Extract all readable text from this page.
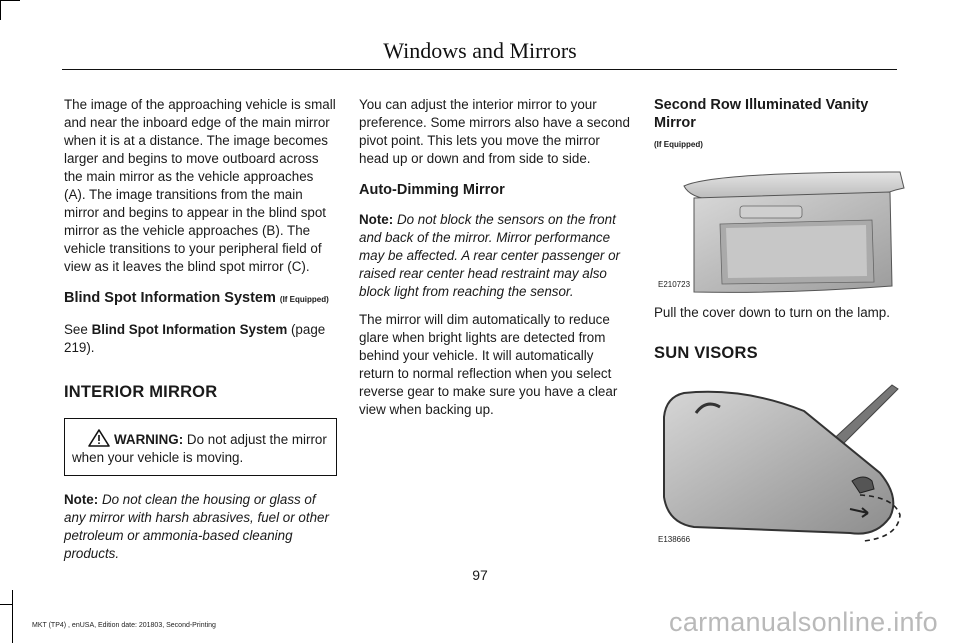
Windows and Mirrors

The image of the approaching vehicle is small and near the inboard edge of the main mirror when it is at a distance. The image becomes larger and begins to move outboard across the main mirror as the vehicle approaches (A). The image transitions from the main mirror and begins to appear in the blind spot mirror as the vehicle approaches (B). The vehicle transitions to your peripheral field of view as it leaves the blind spot mirror (C).

Blind Spot Information System (If Equipped)

See Blind Spot Information System (page 219).

INTERIOR MIRROR

WARNING: Do not adjust the mirror when your vehicle is moving.

Note: Do not clean the housing or glass of any mirror with harsh abrasives, fuel or other petroleum or ammonia-based cleaning products.

You can adjust the interior mirror to your preference. Some mirrors also have a second pivot point. This lets you move the mirror head up or down and from side to side.

Auto-Dimming Mirror

Note: Do not block the sensors on the front and back of the mirror. Mirror performance may be affected. A rear center passenger or raised rear center head restraint may also block light from reaching the sensor.

The mirror will dim automatically to reduce glare when bright lights are detected from behind your vehicle. It will automatically return to normal reflection when you select reverse gear to make sure you have a clear view when backing up.

Second Row Illuminated Vanity Mirror

(If Equipped)

E210723

Pull the cover down to turn on the lamp.

SUN VISORS

E138666
97
MKT (TP4) , enUSA, Edition date: 201803, Second-Printing	carmanualsonline.info
